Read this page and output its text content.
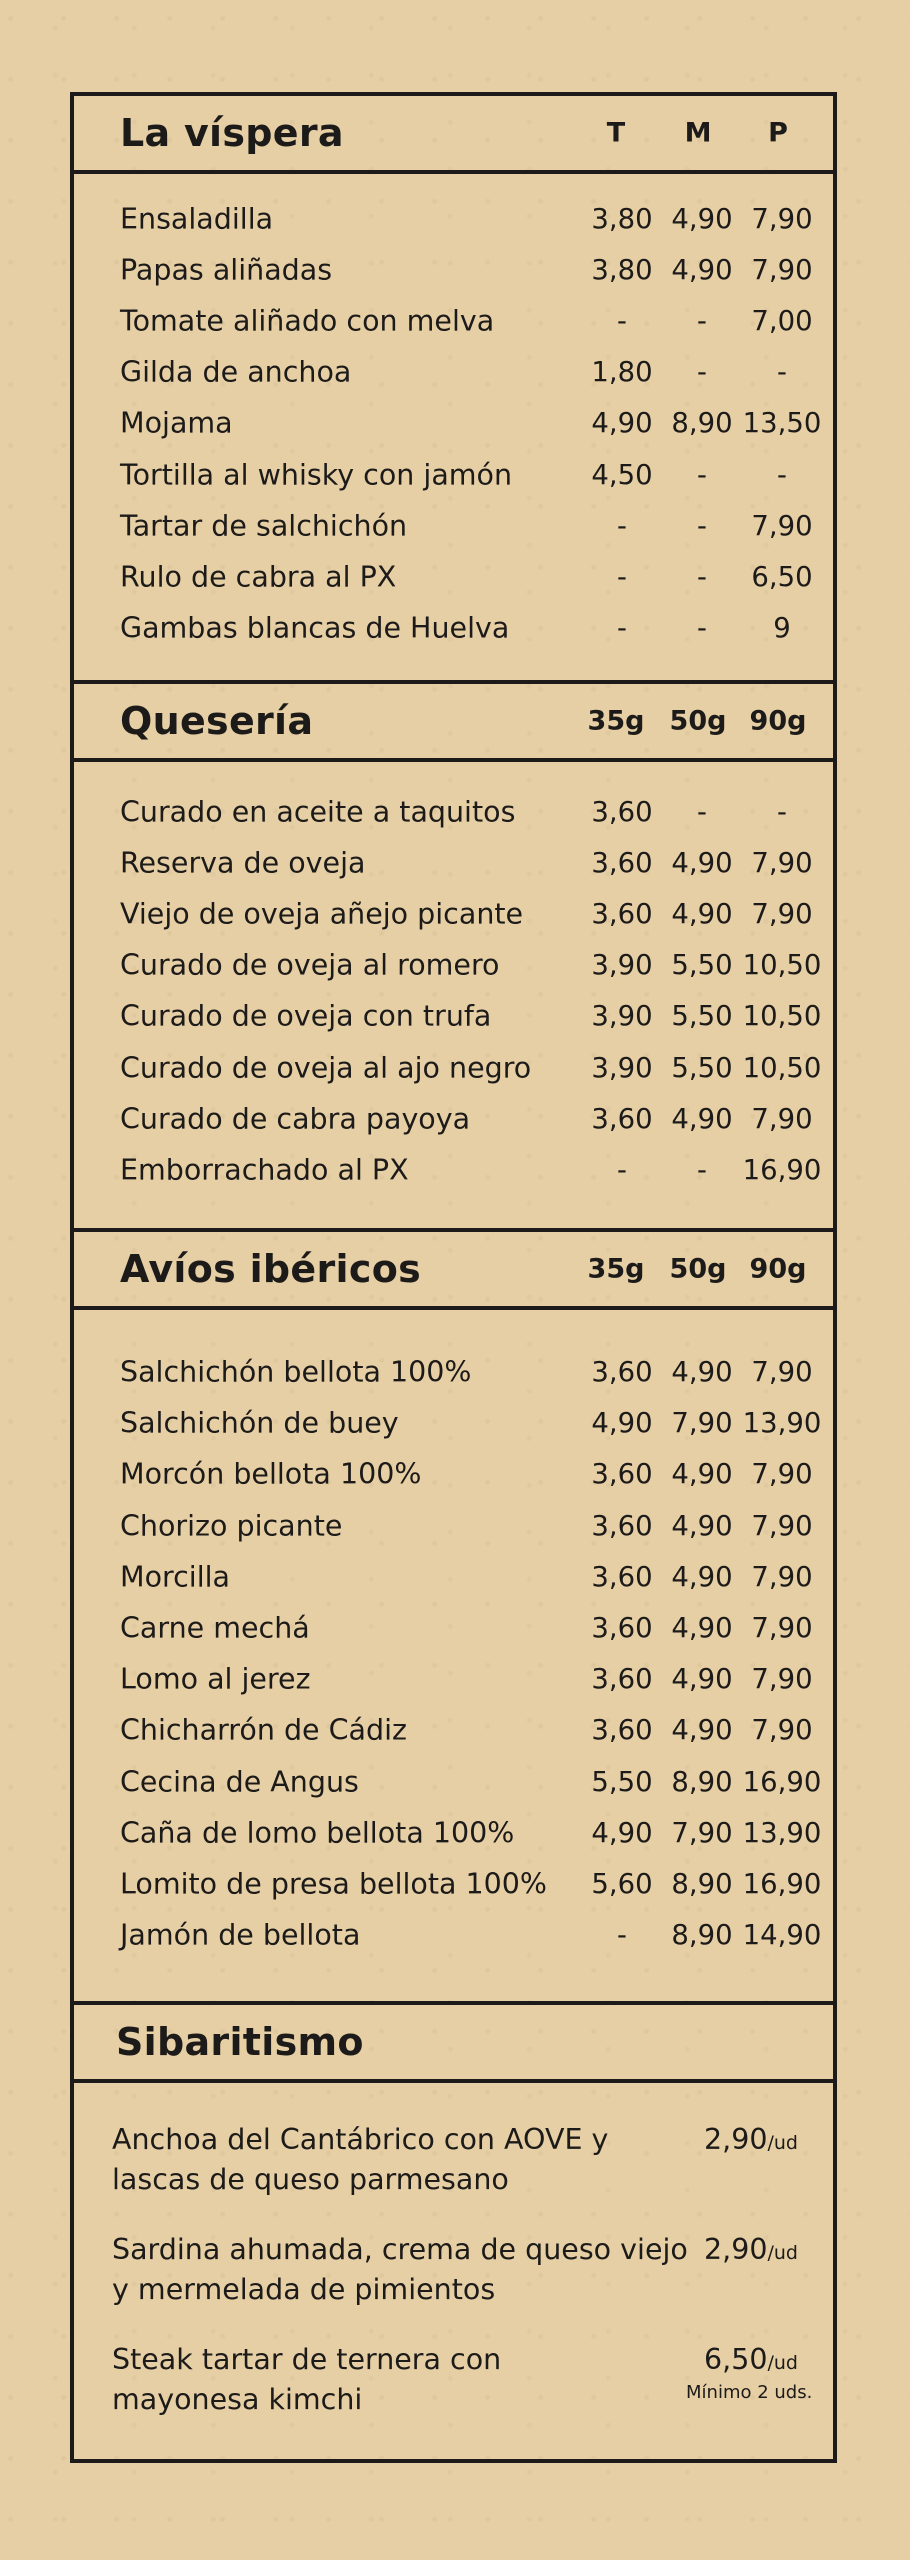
La víspera	T	M	P
Ensaladilla	3,80 4,90 7,90
Papas aliñadas	3,80 4,90 7,90
Tomate aliñado con melva	-	-	7,00
Gilda de anchoa	1,80	-	-
Mojama	4,90 8,90 13,50
Tortilla al whisky con jamón	4,50	-	-
Tartar de salchichón	-	-	7,90
Rulo de cabra al PX	-	-	6,50
Gambas blancas de Huelva	-	-	9
Quesería	35g 50g 90g
Curado en aceite a taquitos	3,60	-	-
Reserva de oveja	3,60 4,90 7,90
Viejo de oveja añejo picante	3,60 4,90 7,90
Curado de oveja al romero	3,90 5,50 10,50
Curado de oveja con trufa	3,90 5,50 10,50
Curado de oveja al ajo negro	3,90 5,50 10,50
Curado de cabra payoya	3,60 4,90 7,90
Emborrachado al PX	-	-	16,90
Avíos ibéricos	35g 50g 90g
Salchichón bellota 100%	3,60 4,90 7,90
Salchichón de buey	4,90 7,90 13,90
Morcón bellota 100%	3,60 4,90 7,90
Chorizo picante	3,60 4,90 7,90
Morcilla	3,60 4,90 7,90
Carne mechá	3,60 4,90 7,90
Lomo al jerez	3,60 4,90 7,90
Chicharrón de Cádiz	3,60 4,90 7,90
Cecina de Angus	5,50 8,90 16,90
Caña de lomo bellota 100%	4,90 7,90 13,90
Lomito de presa bellota 100%	5,60 8,90 16,90
Jamón de bellota	-	8,90 14,90
Sibaritismo
Anchoa del Cantábrico con AOVE y
lascas de queso parmesano
2,90/ud
Sardina ahumada, crema de queso viejo
y mermelada de pimientos
2,90/ud
Steak tartar de ternera con
mayonesa kimchi
6,50/ud
Mínimo 2 uds.
